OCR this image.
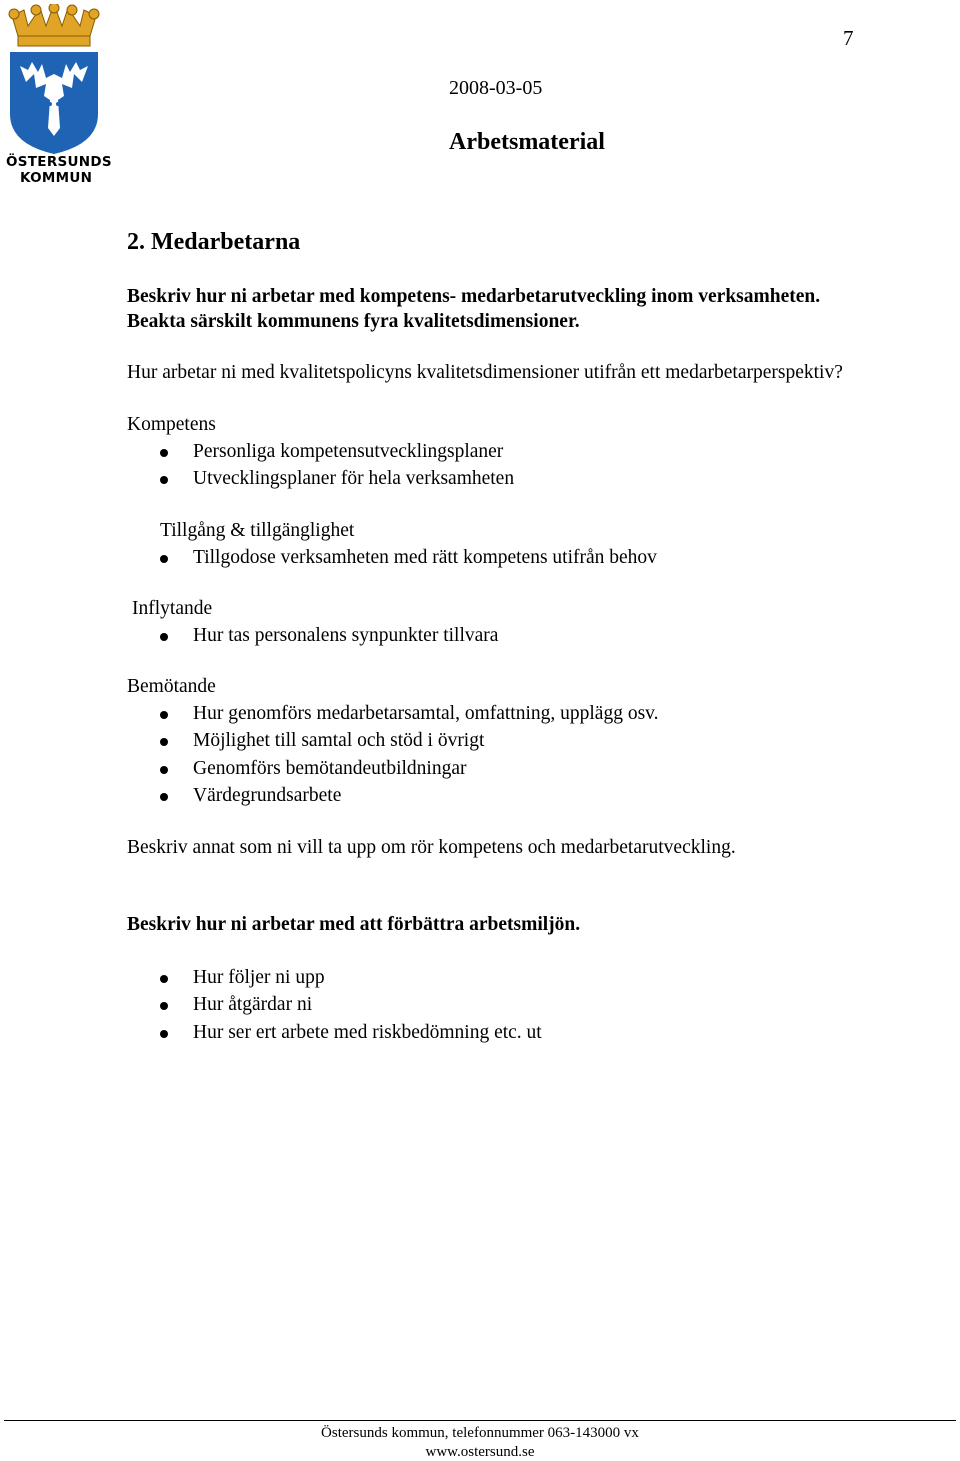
ÖSTERSUNDS
KOMMUN
7
2008-03-05
Arbetsmaterial
2. Medarbetarna
Beskriv hur ni arbetar med kompetens- medarbetarutveckling inom verksamheten.
Beakta särskilt kommunens fyra kvalitetsdimensioner.
Hur arbetar ni med kvalitetspolicyns kvalitetsdimensioner utifrån ett medarbetarperspektiv?
Kompetens
Personliga kompetensutvecklingsplaner
Utvecklingsplaner för hela verksamheten
Tillgång & tillgänglighet
Tillgodose verksamheten med rätt kompetens utifrån behov
Inflytande
Hur tas personalens synpunkter tillvara
Bemötande
Hur genomförs medarbetarsamtal, omfattning, upplägg osv.
Möjlighet till samtal och stöd i övrigt
Genomförs bemötandeutbildningar
Värdegrundsarbete
Beskriv annat som ni vill ta upp om rör kompetens och medarbetarutveckling.
Beskriv hur ni arbetar med att förbättra arbetsmiljön.
Hur följer ni upp
Hur åtgärdar ni
Hur ser ert arbete med riskbedömning etc. ut
Östersunds kommun, telefonnummer 063-143000 vx
www.ostersund.se
